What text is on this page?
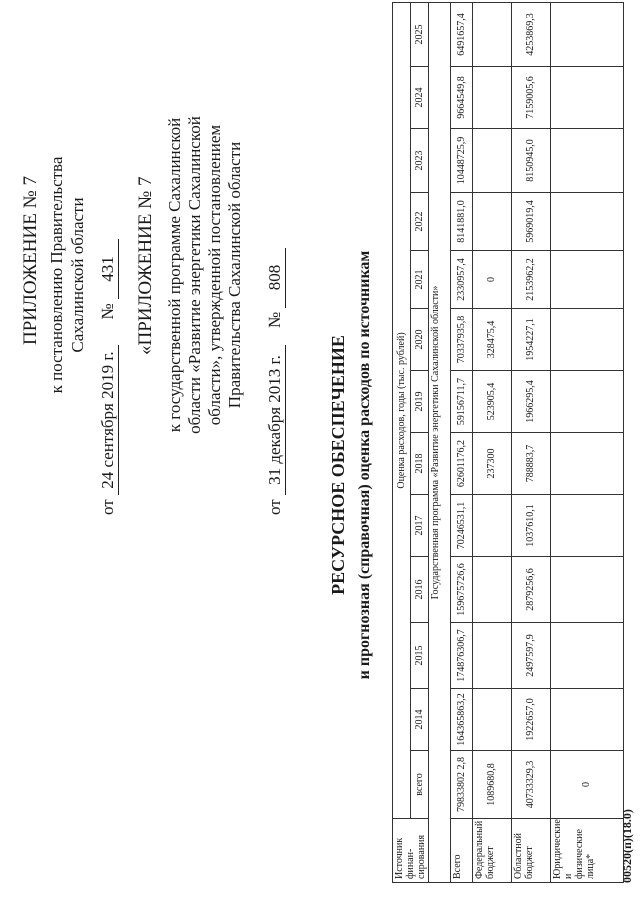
ПРИЛОЖЕНИЕ № 7 к постановлению Правительства Сахалинской области
от 24 сентября 2019 г.      № 431 «ПРИЛОЖЕНИЕ № 7 к государственной программе Сахалинской области «Развитие энергетики Сахалинской области», утвержденной постановлением Правительства Сахалинской области
от 31 декабря 2013 г.    № 808
РЕСУРСНОЕ ОБЕСПЕЧЕНИЕ и прогнозная (справочная) оценка расходов по источникам
Источник финан-сирования	Оценка расходов, годы (тыс. рублей)												
	всего	2014	2015	2016	2017	2018	2019	2020	2021	2022	2023	2024	2025
Государственная программа «Развитие энергетики Сахалинской области»													
Всего	79833802 2,8	164365863,2	174876306,7	159675726,6	70246531,1	62601176,2	59156711,7	70337935,8	2330957,4	8141881,0	10448725,9	9664549,8	6491657,4
Федеральный бюджет	1089680,8					237300	523905,4	328475,4	0				
Областной бюджет	40733329,3	1922657,0	2497597,9	2879256,6	1037610,1	788883,7	1966295,4	1954227,1	2153962,2	5969019,4	8150945,0	7159005,6	4253869,3
Юридические и физические лица*	0												
00520(п)(18.0)
